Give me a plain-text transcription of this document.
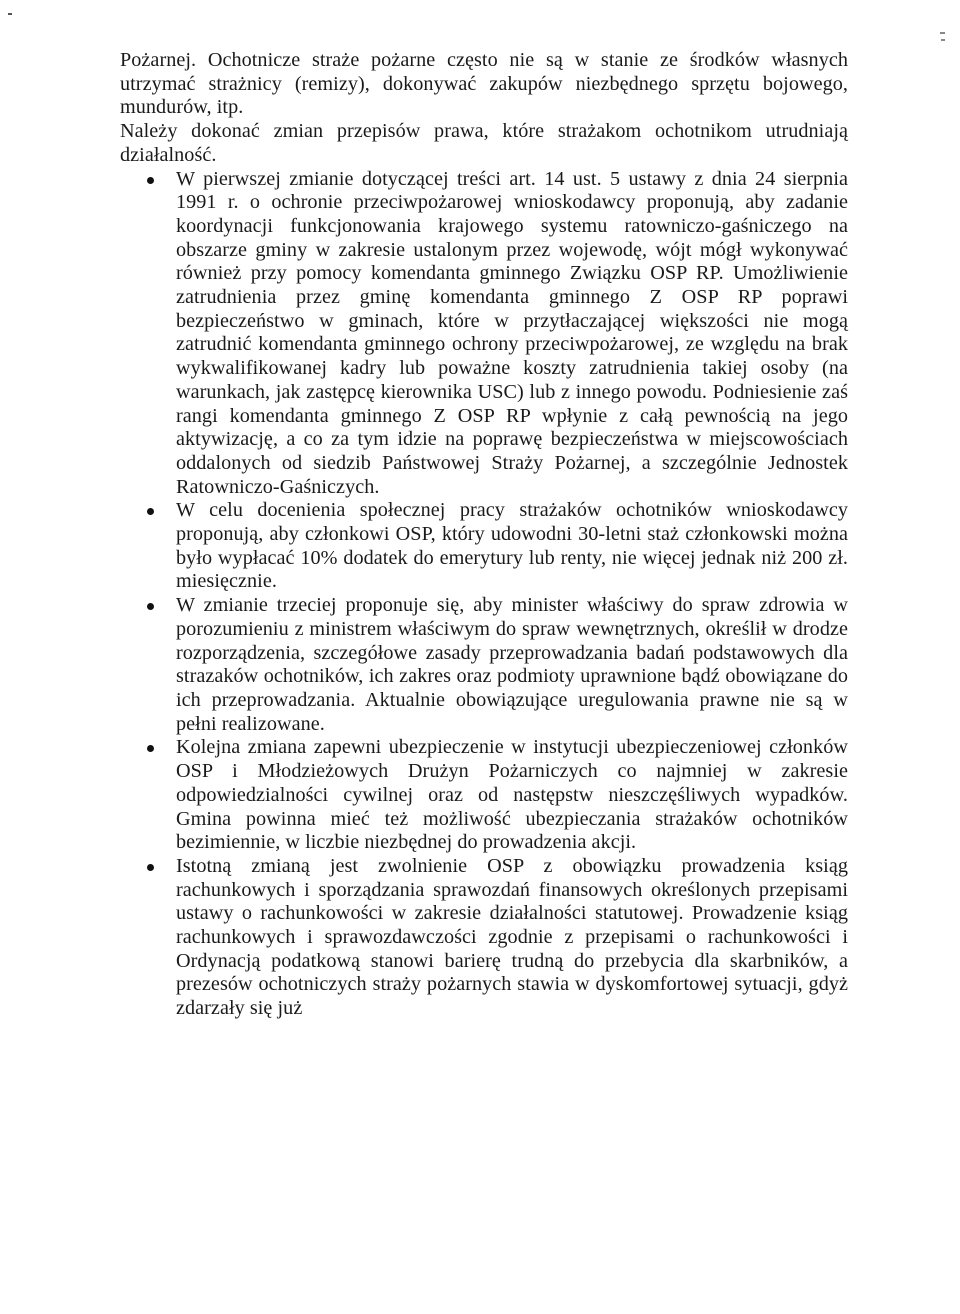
Pożarnej. Ochotnicze straże pożarne często nie są w stanie ze środków własnych utrzymać strażnicy (remizy), dokonywać zakupów niezbędnego sprzętu bojowego, mundurów, itp.

Należy dokonać zmian przepisów prawa, które strażakom ochotnikom utrudniają działalność.

W pierwszej zmianie dotyczącej treści art. 14 ust. 5 ustawy z dnia 24 sierpnia 1991 r. o ochronie przeciwpożarowej wnioskodawcy proponują, aby zadanie koordynacji funkcjonowania krajowego systemu ratowniczo-gaśniczego na obszarze gminy w zakresie ustalonym przez wojewodę, wójt mógł wykonywać również przy pomocy komendanta gminnego Związku OSP RP. Umożliwienie zatrudnienia przez gminę komendanta gminnego Z OSP RP poprawi bezpieczeństwo w gminach, które w przytłaczającej większości nie mogą zatrudnić komendanta gminnego ochrony przeciwpożarowej, ze względu na brak wykwalifikowanej kadry lub poważne koszty zatrudnienia takiej osoby (na warunkach, jak zastępcę kierownika USC) lub z innego powodu. Podniesienie zaś rangi komendanta gminnego Z OSP RP wpłynie z całą pewnością na jego aktywizację, a co za tym idzie na poprawę bezpieczeństwa w miejscowościach oddalonych od siedzib Państwowej Straży Pożarnej, a szczególnie Jednostek Ratowniczo-Gaśniczych.
W celu docenienia społecznej pracy strażaków ochotników wnioskodawcy proponują, aby członkowi OSP, który udowodni 30-letni staż członkowski można było wypłacać 10% dodatek do emerytury lub renty, nie więcej jednak niż 200 zł. miesięcznie.
W zmianie trzeciej proponuje się, aby minister właściwy do spraw zdrowia w porozumieniu z ministrem właściwym do spraw wewnętrznych, określił w drodze rozporządzenia, szczegółowe zasady przeprowadzania badań podstawowych dla strazaków ochotników, ich zakres oraz podmioty uprawnione bądź obowiązane do ich przeprowadzania. Aktualnie obowiązujące uregulowania prawne nie są w pełni realizowane.
Kolejna zmiana zapewni ubezpieczenie w instytucji ubezpieczeniowej członków OSP i Młodzieżowych Drużyn Pożarniczych co najmniej w zakresie odpowiedzialności cywilnej oraz od następstw nieszczęśliwych wypadków. Gmina powinna mieć też możliwość ubezpieczania strażaków ochotników bezimiennie, w liczbie niezbędnej do prowadzenia akcji.
Istotną zmianą jest zwolnienie OSP z obowiązku prowadzenia ksiąg rachunkowych i sporządzania sprawozdań finansowych określonych przepisami ustawy o rachunkowości w zakresie działalności statutowej. Prowadzenie ksiąg rachunkowych i sprawozdawczości zgodnie z przepisami o rachunkowości i Ordynacją podatkową stanowi barierę trudną do przebycia dla skarbników, a prezesów ochotniczych straży pożarnych stawia w dyskomfortowej sytuacji, gdyż zdarzały się już
